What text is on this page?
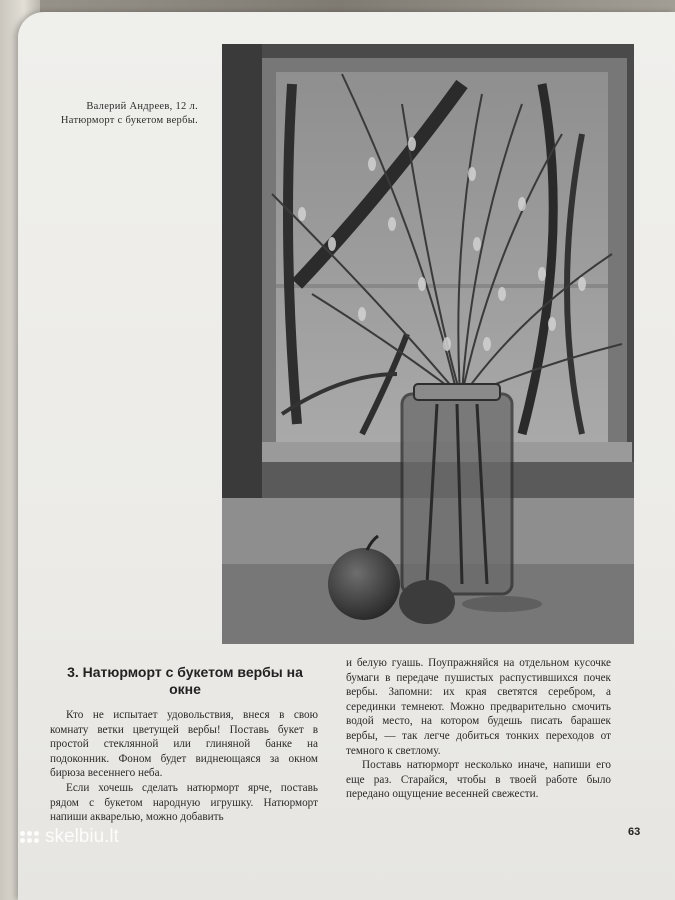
Валерий Андреев, 12 л.
Натюрморт с букетом вербы.
3. Натюрморт с букетом вербы на окне

Кто не испытает удовольствия, внеся в свою комнату ветки цветущей вербы! Поставь букет в простой стеклянной или глиняной банке на подоконник. Фоном будет виднеющаяся за окном бирюза весеннего неба.

Если хочешь сделать натюрморт ярче, поставь рядом с букетом народную игрушку. Натюрморт напиши акварелью, можно добавить

и белую гуашь. Поупражняйся на отдельном кусочке бумаги в передаче пушистых распустившихся почек вербы. Запомни: их края светятся серебром, а серединки темнеют. Можно предварительно смочить водой место, на котором будешь писать барашек вербы, — так легче добиться тонких переходов от темного к светлому.

Поставь натюрморт несколько иначе, напиши его еще раз. Старайся, чтобы в твоей работе было передано ощущение весенней свежести.

63
skelbiu.lt
